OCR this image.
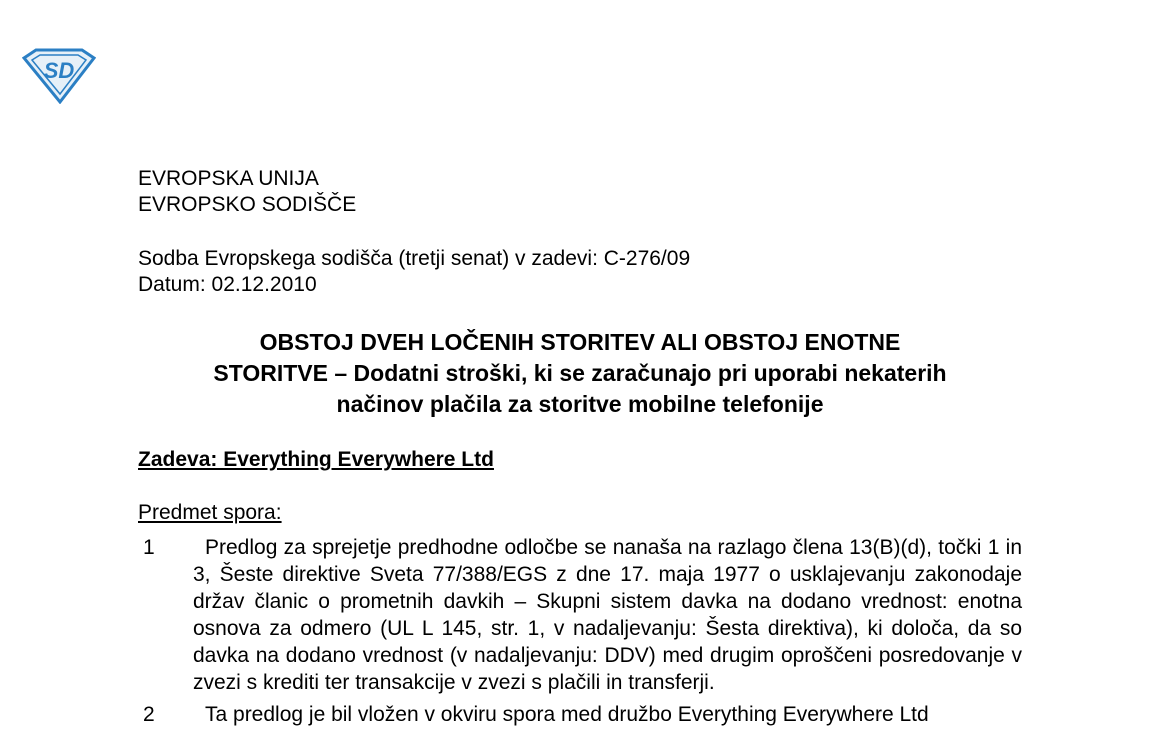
SD
EVROPSKA UNIJA
EVROPSKO SODIŠČE
Sodba Evropskega sodišča (tretji senat) v zadevi: C-276/09
Datum: 02.12.2010
OBSTOJ DVEH LOČENIH STORITEV ALI OBSTOJ ENOTNE
STORITVE – Dodatni stroški, ki se zaračunajo pri uporabi nekaterih
načinov plačila za storitve mobilne telefonije
Zadeva: Everything Everywhere Ltd
Predmet spora:
1	Predlog za sprejetje predhodne odločbe se nanaša na razlago člena 13(B)(d), točki 1 in 3, Šeste direktive Sveta 77/388/EGS z dne 17. maja 1977 o usklajevanju zakonodaje držav članic o prometnih davkih – Skupni sistem davka na dodano vrednost: enotna osnova za odmero (UL L 145, str. 1, v nadaljevanju: Šesta direktiva), ki določa, da so davka na dodano vrednost (v nadaljevanju: DDV) med drugim oproščeni posredovanje v zvezi s krediti ter transakcije v zvezi s plačili in transferji.
2	Ta predlog je bil vložen v okviru spora med družbo Everything Everywhere Ltd
